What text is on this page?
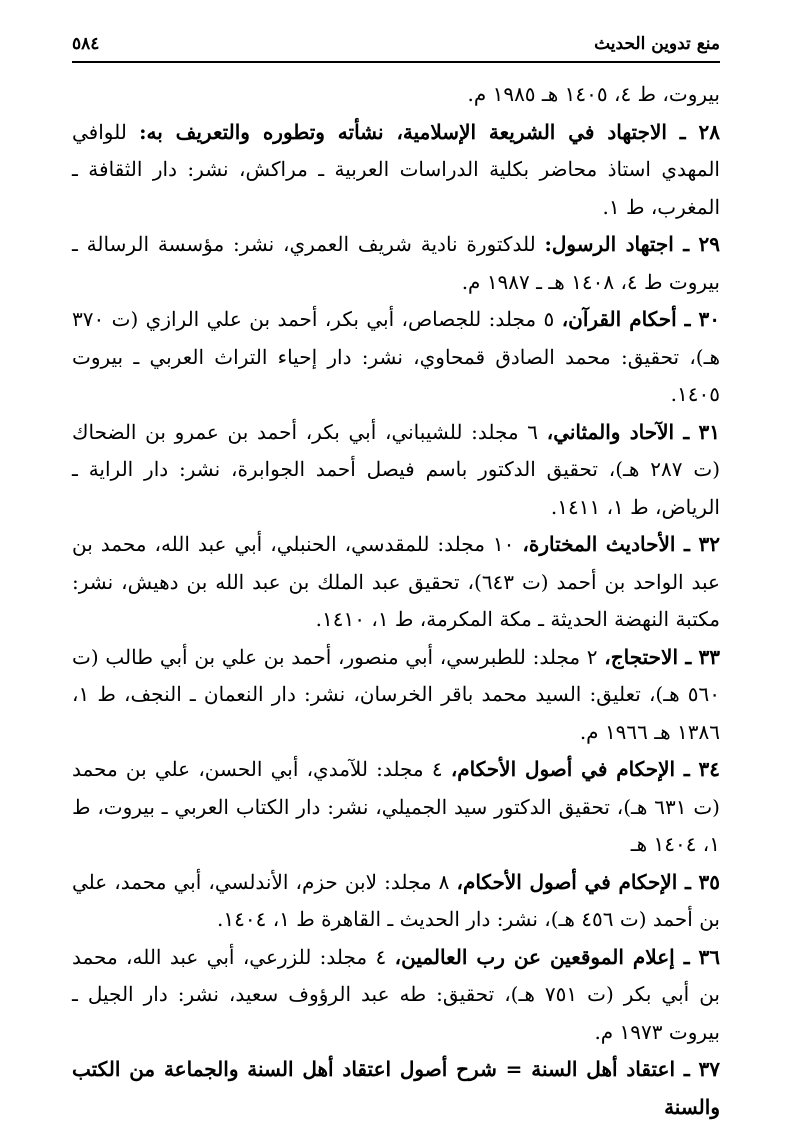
منع تدوين الحديث
٥٨٤

بيروت، ط ٤، ١٤٠٥ هـ ١٩٨٥ م.

٢٨ ـ الاجتهاد في الشريعة الإسلامية، نشأته وتطوره والتعريف به: للوافي المهدي استاذ محاضر بكلية الدراسات العربية ـ مراكش، نشر: دار الثقافة ـ المغرب، ط ١.

٢٩ ـ اجتهاد الرسول: للدكتورة نادية شريف العمري، نشر: مؤسسة الرسالة ـ بيروت ط ٤، ١٤٠٨ هـ ـ ١٩٨٧ م.

٣٠ ـ أحكام القرآن، ٥ مجلد: للجصاص، أبي بكر، أحمد بن علي الرازي (ت ٣٧٠ هـ)، تحقيق: محمد الصادق قمحاوي، نشر: دار إحياء التراث العربي ـ بيروت ١٤٠٥.

٣١ ـ الآحاد والمثاني، ٦ مجلد: للشيباني، أبي بكر، أحمد بن عمرو بن الضحاك (ت ٢٨٧ هـ)، تحقيق الدكتور باسم فيصل أحمد الجوابرة، نشر: دار الراية ـ الرياض، ط ١، ١٤١١.

٣٢ ـ الأحاديث المختارة، ١٠ مجلد: للمقدسي، الحنبلي، أبي عبد الله، محمد بن عبد الواحد بن أحمد (ت ٦٤٣)، تحقيق عبد الملك بن عبد الله بن دهيش، نشر: مكتبة النهضة الحديثة ـ مكة المكرمة، ط ١، ١٤١٠.

٣٣ ـ الاحتجاج، ٢ مجلد: للطبرسي، أبي منصور، أحمد بن علي بن أبي طالب (ت ٥٦٠ هـ)، تعليق: السيد محمد باقر الخرسان، نشر: دار النعمان ـ النجف، ط ١، ١٣٨٦ هـ ١٩٦٦ م.

٣٤ ـ الإحكام في أصول الأحكام، ٤ مجلد: للآمدي، أبي الحسن، علي بن محمد (ت ٦٣١ هـ)، تحقيق الدكتور سيد الجميلي، نشر: دار الكتاب العربي ـ بيروت، ط ١، ١٤٠٤ هـ

٣٥ ـ الإحكام في أصول الأحكام، ٨ مجلد: لابن حزم، الأندلسي، أبي محمد، علي بن أحمد (ت ٤٥٦ هـ)، نشر: دار الحديث ـ القاهرة ط ١، ١٤٠٤.

٣٦ ـ إعلام الموقعين عن رب العالمين، ٤ مجلد: للزرعي، أبي عبد الله، محمد بن أبي بكر (ت ٧٥١ هـ)، تحقيق: طه عبد الرؤوف سعيد، نشر: دار الجيل ـ بيروت ١٩٧٣ م.

٣٧ ـ اعتقاد أهل السنة = شرح أصول اعتقاد أهل السنة والجماعة من الكتب والسنة
